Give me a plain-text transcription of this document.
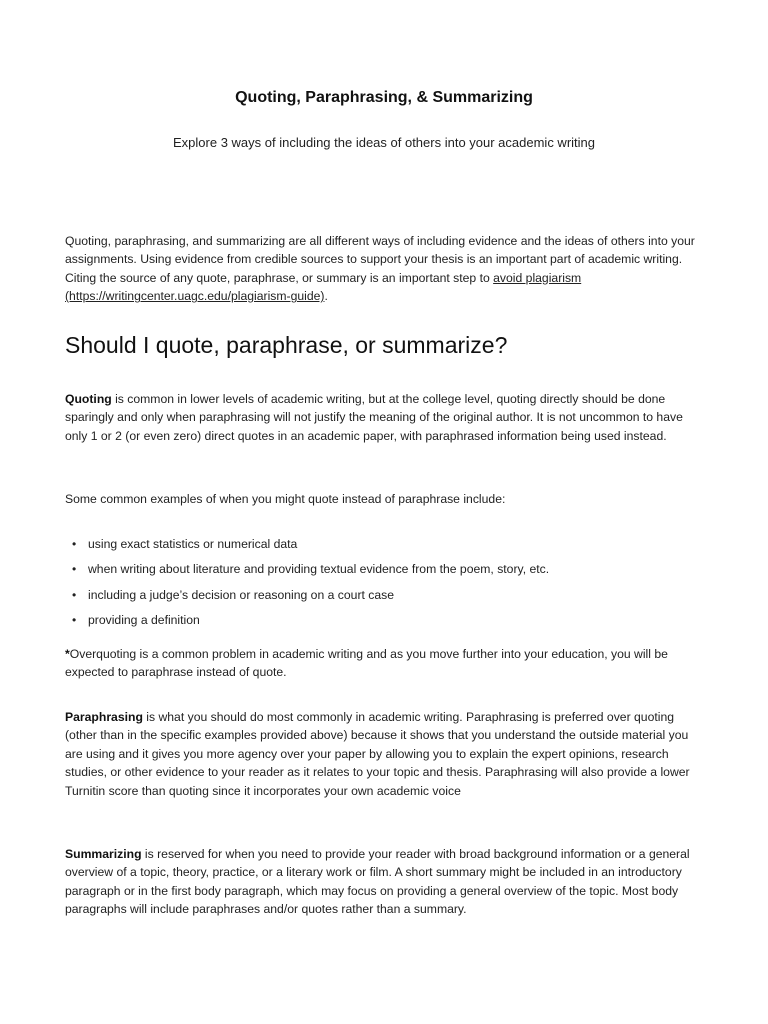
Quoting, Paraphrasing, & Summarizing

Explore 3 ways of including the ideas of others into your academic writing

Quoting, paraphrasing, and summarizing are all different ways of including evidence and the ideas of others into your assignments. Using evidence from credible sources to support your thesis is an important part of academic writing. Citing the source of any quote, paraphrase, or summary is an important step to avoid plagiarism (https://writingcenter.uagc.edu/plagiarism-guide).

Should I quote, paraphrase, or summarize?

Quoting is common in lower levels of academic writing, but at the college level, quoting directly should be done sparingly and only when paraphrasing will not justify the meaning of the original author. It is not uncommon to have only 1 or 2 (or even zero) direct quotes in an academic paper, with paraphrased information being used instead.

Some common examples of when you might quote instead of paraphrase include:

• using exact statistics or numerical data
• when writing about literature and providing textual evidence from the poem, story, etc.
• including a judge’s decision or reasoning on a court case
• providing a definition

*Overquoting is a common problem in academic writing and as you move further into your education, you will be expected to paraphrase instead of quote.

Paraphrasing is what you should do most commonly in academic writing. Paraphrasing is preferred over quoting (other than in the specific examples provided above) because it shows that you understand the outside material you are using and it gives you more agency over your paper by allowing you to explain the expert opinions, research studies, or other evidence to your reader as it relates to your topic and thesis. Paraphrasing will also provide a lower Turnitin score than quoting since it incorporates your own academic voice

Summarizing is reserved for when you need to provide your reader with broad background information or a general overview of a topic, theory, practice, or a literary work or film. A short summary might be included in an introductory paragraph or in the first body paragraph, which may focus on providing a general overview of the topic. Most body paragraphs will include paraphrases and/or quotes rather than a summary.
